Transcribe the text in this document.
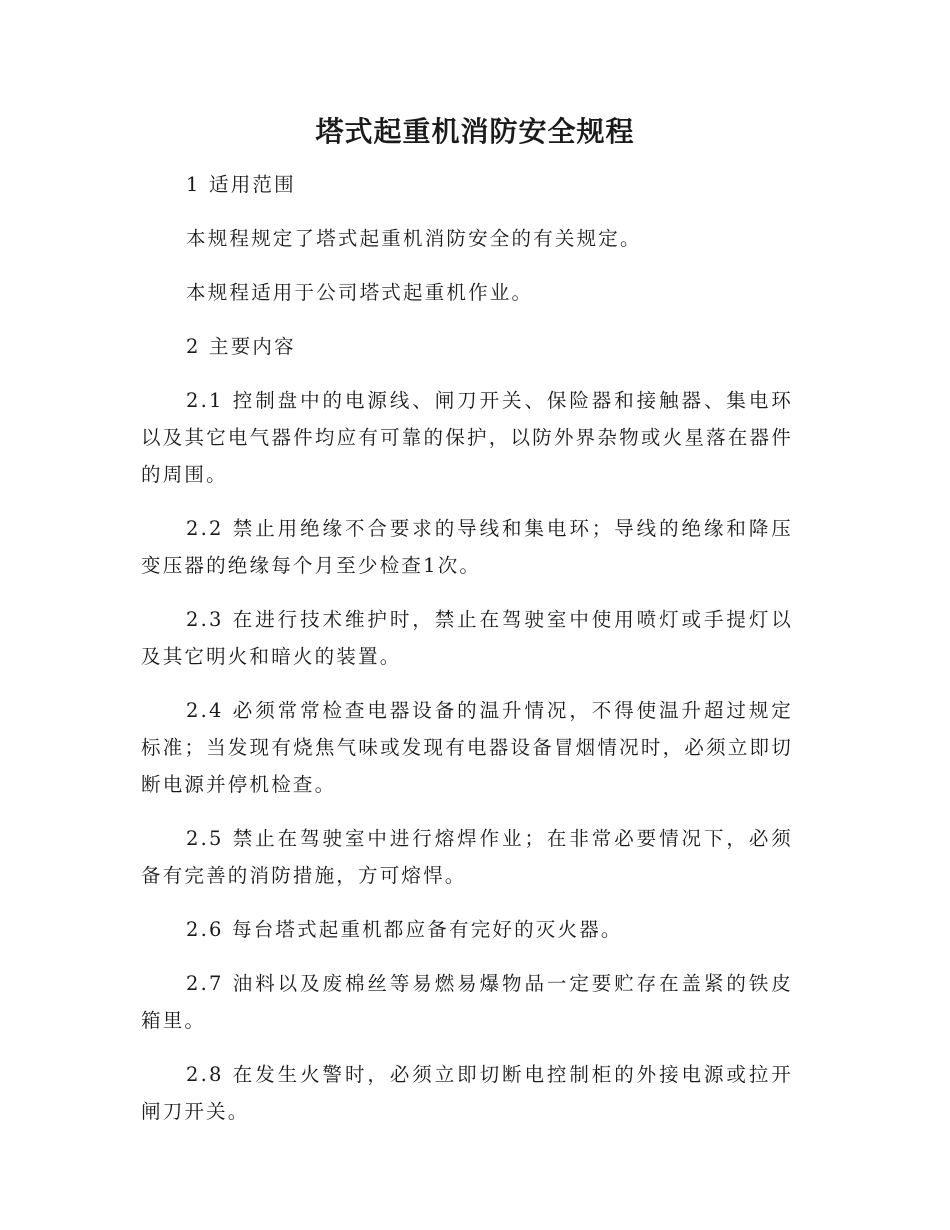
塔式起重机消防安全规程

1 适用范围

本规程规定了塔式起重机消防安全的有关规定。

本规程适用于公司塔式起重机作业。

2 主要内容

2.1 控制盘中的电源线、闸刀开关、保险器和接触器、集电环以及其它电气器件均应有可靠的保护，以防外界杂物或火星落在器件的周围。

2.2 禁止用绝缘不合要求的导线和集电环；导线的绝缘和降压变压器的绝缘每个月至少检查1次。

2.3 在进行技术维护时，禁止在驾驶室中使用喷灯或手提灯以及其它明火和暗火的装置。

2.4 必须常常检查电器设备的温升情况，不得使温升超过规定标准；当发现有烧焦气味或发现有电器设备冒烟情况时，必须立即切断电源并停机检查。

2.5 禁止在驾驶室中进行熔焊作业；在非常必要情况下，必须备有完善的消防措施，方可熔悍。

2.6 每台塔式起重机都应备有完好的灭火器。

2.7 油料以及废棉丝等易燃易爆物品一定要贮存在盖紧的铁皮箱里。

2.8 在发生火警时，必须立即切断电控制柜的外接电源或拉开闸刀开关。
